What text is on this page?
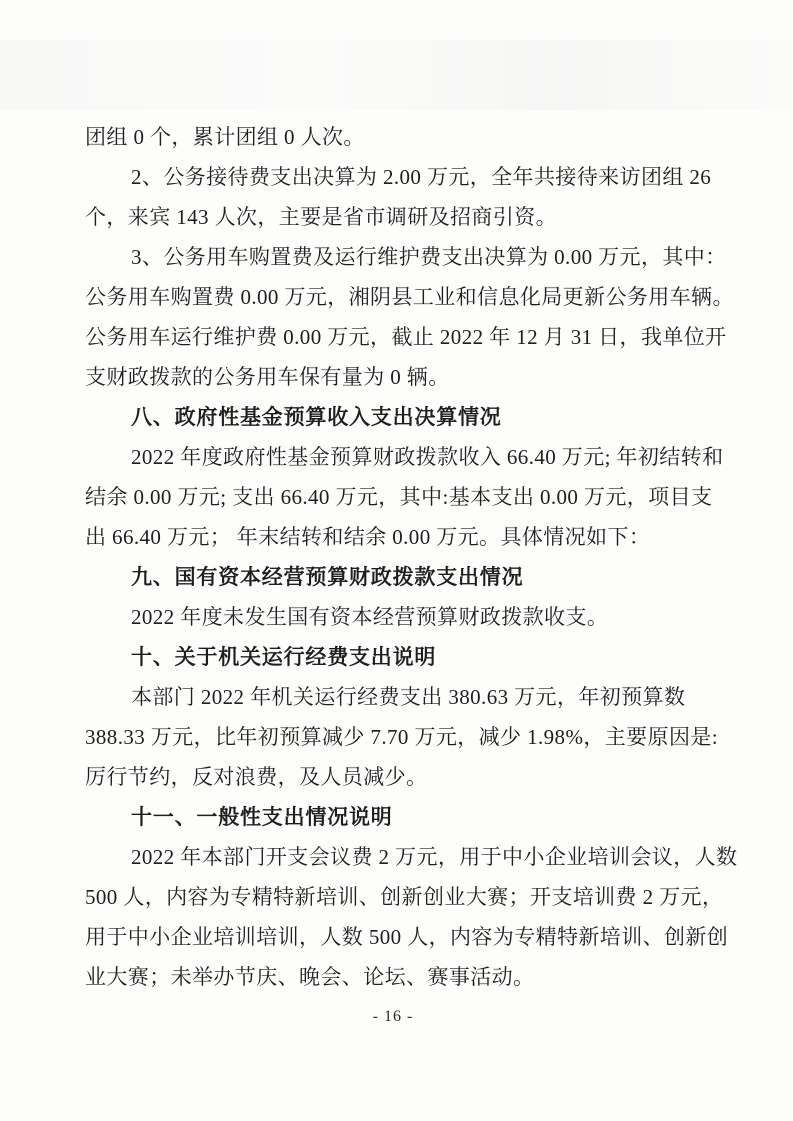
团组 0 个，累计团组 0 人次。
2、公务接待费支出决算为 2.00 万元，全年共接待来访团组 26
个，来宾 143 人次，主要是省市调研及招商引资。
3、公务用车购置费及运行维护费支出决算为 0.00 万元，其中：
公务用车购置费 0.00 万元，湘阴县工业和信息化局更新公务用车辆。
公务用车运行维护费 0.00 万元，截止 2022 年 12 月 31 日，我单位开
支财政拨款的公务用车保有量为 0 辆。
八、政府性基金预算收入支出决算情况
2022 年度政府性基金预算财政拨款收入 66.40 万元; 年初结转和
结余 0.00 万元; 支出 66.40 万元，其中:基本支出 0.00 万元，项目支
出 66.40 万元； 年末结转和结余 0.00 万元。具体情况如下：
九、国有资本经营预算财政拨款支出情况
2022 年度未发生国有资本经营预算财政拨款收支。
十、关于机关运行经费支出说明
本部门 2022 年机关运行经费支出 380.63 万元，年初预算数
388.33 万元，比年初预算减少 7.70 万元，减少 1.98%，主要原因是:
厉行节约，反对浪费，及人员减少。
十一、一般性支出情况说明
2022 年本部门开支会议费 2 万元，用于中小企业培训会议，人数
500 人，内容为专精特新培训、创新创业大赛；开支培训费 2 万元，
用于中小企业培训培训，人数 500 人，内容为专精特新培训、创新创
业大赛；未举办节庆、晚会、论坛、赛事活动。
- 16 -
